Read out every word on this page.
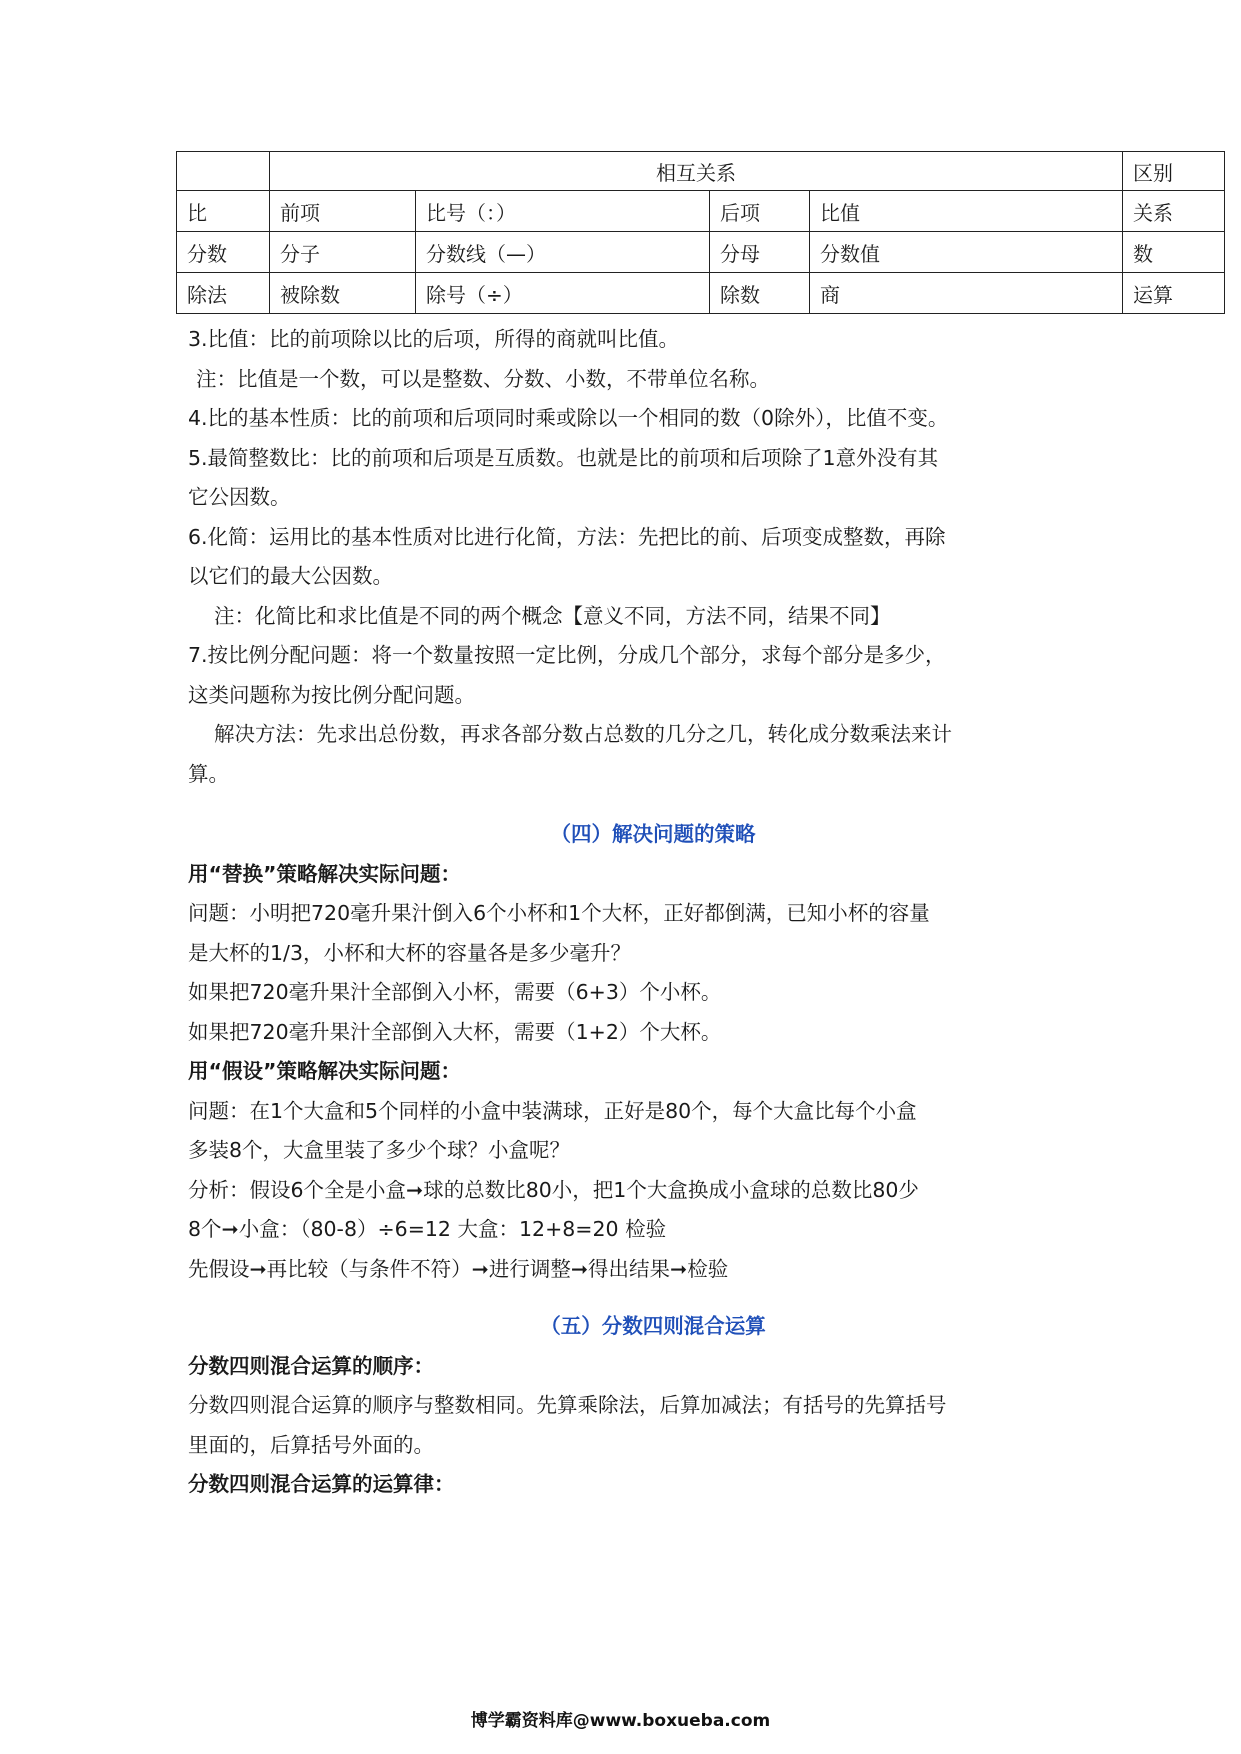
	相互关系				区别
比	前项	比号（：）	后项	比值	关系
分数	分子	分数线（—）	分母	分数值	数
除法	被除数	除号（÷）	除数	商	运算

3.比值：比的前项除以比的后项，所得的商就叫比值。

注：比值是一个数，可以是整数、分数、小数，不带单位名称。

4.比的基本性质：比的前项和后项同时乘或除以一个相同的数（0除外），比值不变。

5.最简整数比：比的前项和后项是互质数。也就是比的前项和后项除了1意外没有其

它公因数。

6.化简：运用比的基本性质对比进行化简，方法：先把比的前、后项变成整数，再除

以它们的最大公因数。

注：化简比和求比值是不同的两个概念【意义不同，方法不同，结果不同】

7.按比例分配问题：将一个数量按照一定比例，分成几个部分，求每个部分是多少，

这类问题称为按比例分配问题。

解决方法：先求出总份数，再求各部分数占总数的几分之几，转化成分数乘法来计

算。

（四）解决问题的策略

用“替换”策略解决实际问题：

问题：小明把720毫升果汁倒入6个小杯和1个大杯，正好都倒满，已知小杯的容量

是大杯的1/3，小杯和大杯的容量各是多少毫升？

如果把720毫升果汁全部倒入小杯，需要（6+3）个小杯。

如果把720毫升果汁全部倒入大杯，需要（1+2）个大杯。

用“假设”策略解决实际问题：

问题：在1个大盒和5个同样的小盒中装满球，正好是80个，每个大盒比每个小盒

多装8个，大盒里装了多少个球？小盒呢？

分析：假设6个全是小盒➞球的总数比80小，把1个大盒换成小盒球的总数比80少

8个➞小盒：（80-8）÷6=12 大盒：12+8=20 检验

先假设➞再比较（与条件不符）➞进行调整➞得出结果➞检验

（五）分数四则混合运算

分数四则混合运算的顺序：

分数四则混合运算的顺序与整数相同。先算乘除法，后算加减法；有括号的先算括号

里面的，后算括号外面的。

分数四则混合运算的运算律：

博学霸资料库@www.boxueba.com
